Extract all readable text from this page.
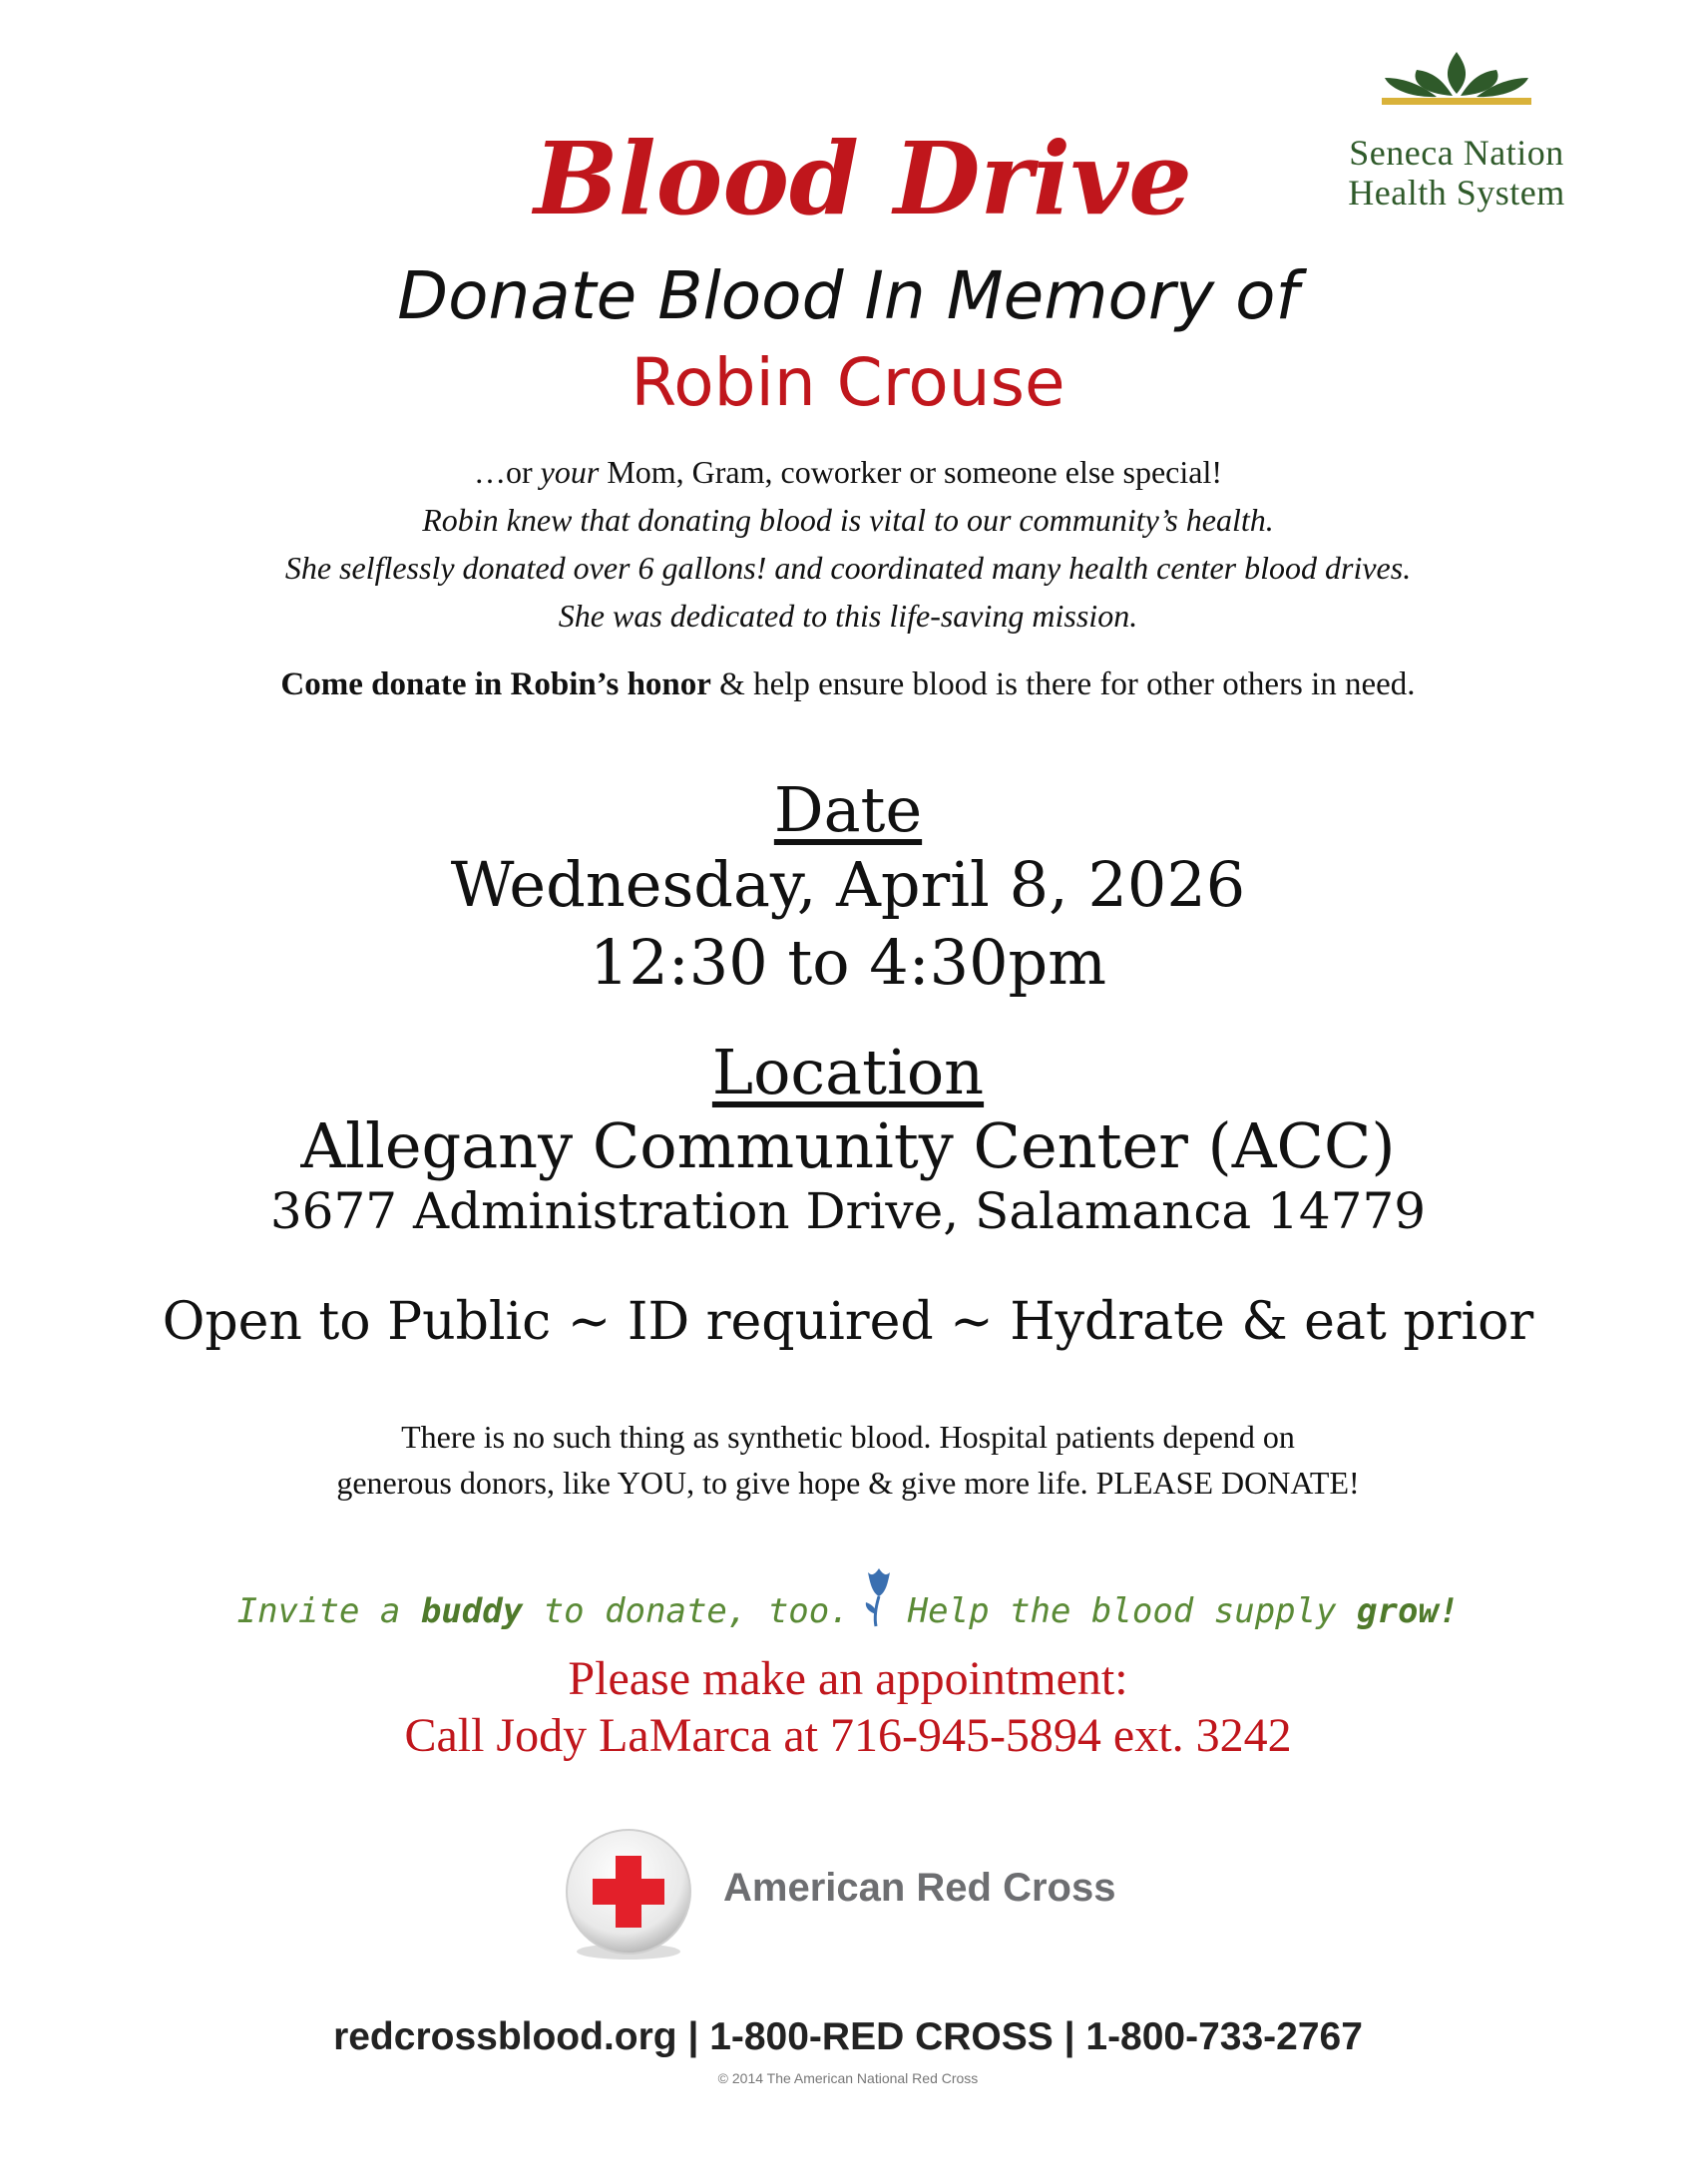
Seneca Nation
Health System
Blood Drive
Donate Blood In Memory of
Robin Crouse
…or your Mom, Gram, coworker or someone else special!
Robin knew that donating blood is vital to our community’s health.
She selflessly donated over 6 gallons! and coordinated many health center blood drives.
She was dedicated to this life-saving mission.
Come donate in Robin’s honor & help ensure blood is there for other others in need.
Date
Wednesday, April 8, 2026
12:30 to 4:30pm
Location
Allegany Community Center (ACC)
3677 Administration Drive, Salamanca 14779
Open to Public ~ ID required ~ Hydrate & eat prior
There is no such thing as synthetic blood. Hospital patients depend on
generous donors, like YOU, to give hope & give more life. PLEASE DONATE!
Invite a buddy to donate, too. Help the blood supply grow!
Please make an appointment:
Call Jody LaMarca at 716-945-5894 ext. 3242
American Red Cross
redcrossblood.org | 1-800-RED CROSS | 1-800-733-2767
© 2014 The American National Red Cross
